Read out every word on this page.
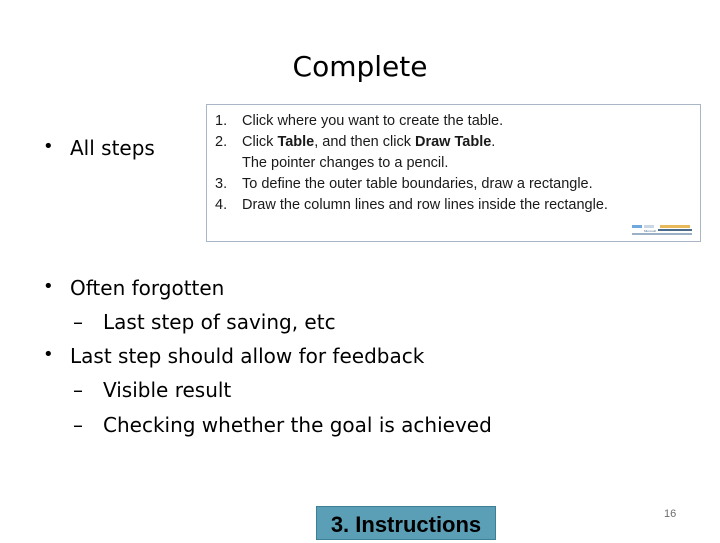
Complete
• All steps
1. Click where you want to create the table.
2. Click Table, and then click Draw Table.
The pointer changes to a pencil.
3. To define the outer table boundaries, draw a rectangle.
4. Draw the column lines and row lines inside the rectangle.
Microsoft
• Often forgotten
– Last step of saving, etc
• Last step should allow for feedback
– Visible result
– Checking whether the goal is achieved
3. Instructions	16
